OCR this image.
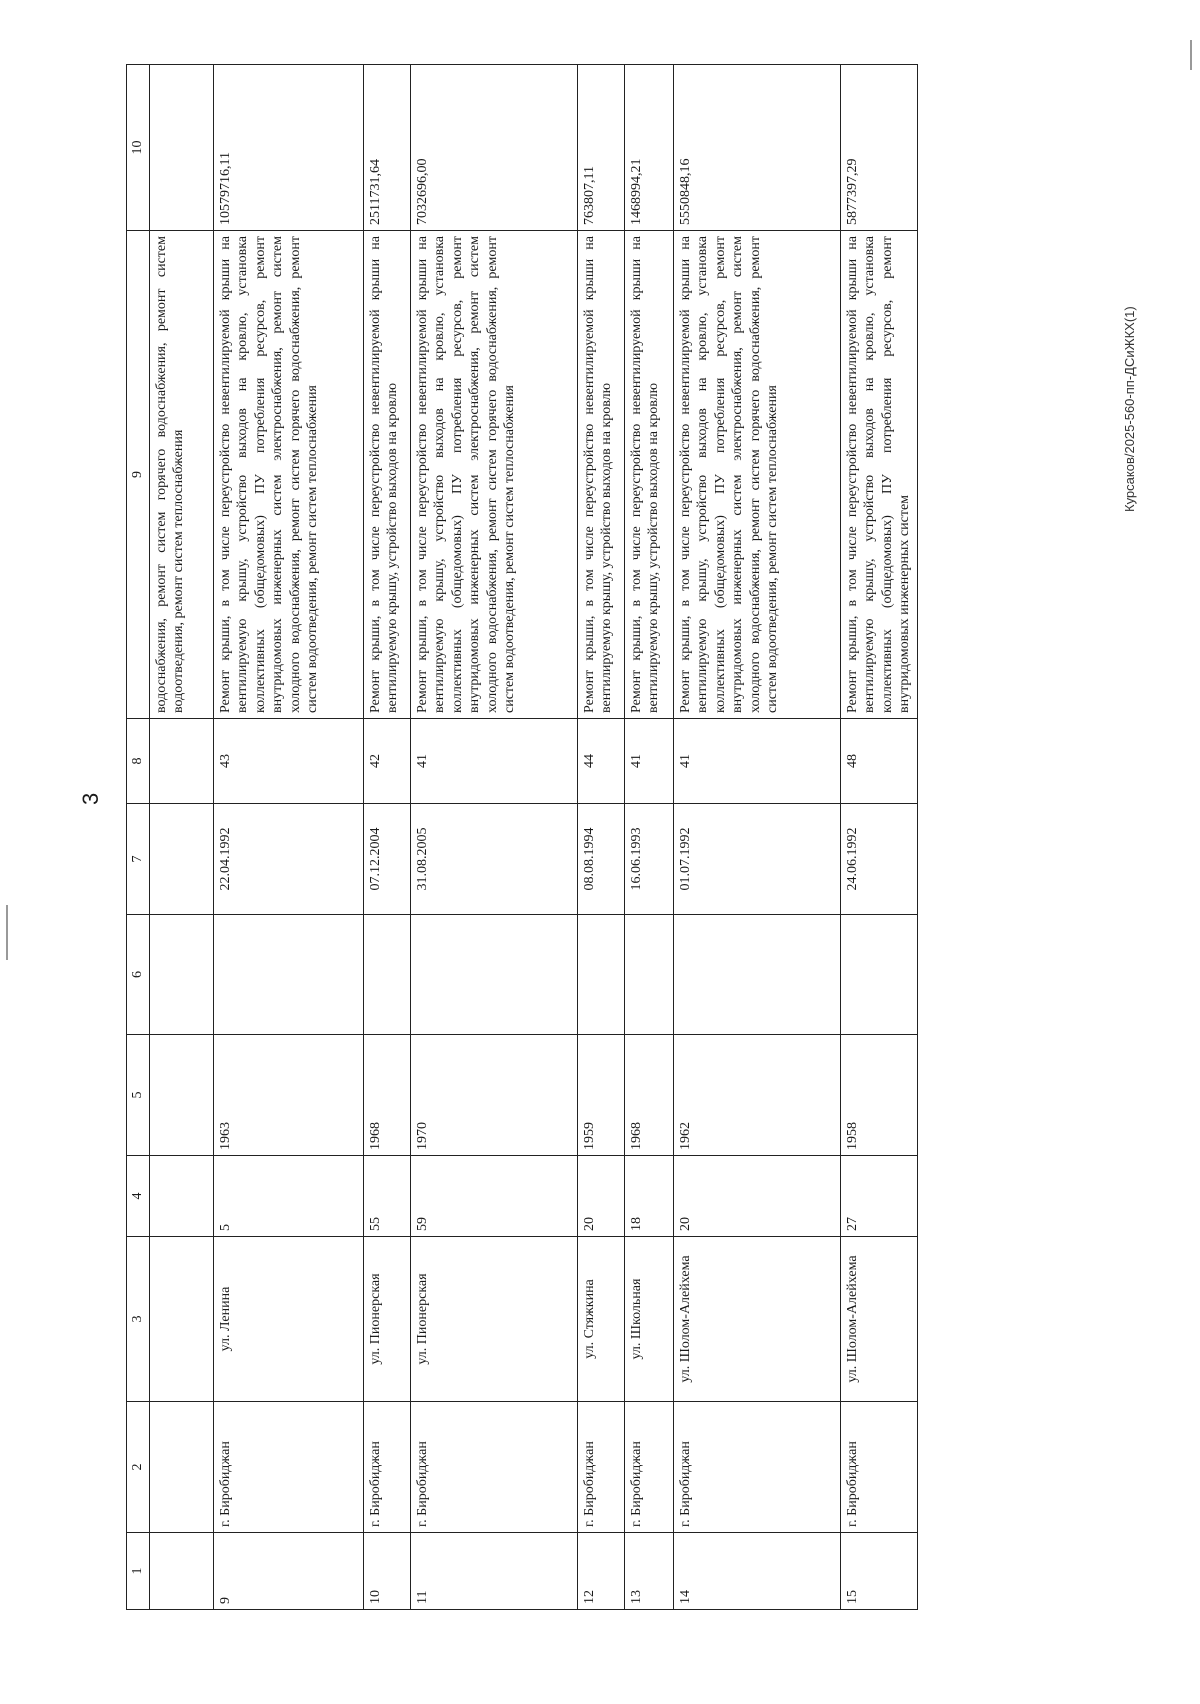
3
Курсаков/2025-560-пп-ДСиЖКХ(1)
1	2	3	4	5	6	7	8	9	10
								водоснабжения, ремонт систем горячего водоснабжения, ремонт систем водоотведения, ремонт систем теплоснабжения	
9	г. Биробиджан	ул. Ленина	5	1963		22.04.1992	43	Ремонт крыши, в том числе переустройство невентилируемой крыши на вентилируемую крышу, устройство выходов на кровлю, установка коллективных (общедомовых) ПУ потребления ресурсов, ремонт внутридомовых инженерных систем электроснабжения, ремонт систем холодного водоснабжения, ремонт систем горячего водоснабжения, ремонт систем водоотведения, ремонт систем теплоснабжения	10579716,11
10	г. Биробиджан	ул. Пионерская	55	1968		07.12.2004	42	Ремонт крыши, в том числе переустройство невентилируемой крыши на вентилируемую крышу, устройство выходов на кровлю	2511731,64
11	г. Биробиджан	ул. Пионерская	59	1970		31.08.2005	41	Ремонт крыши, в том числе переустройство невентилируемой крыши на вентилируемую крышу, устройство выходов на кровлю, установка коллективных (общедомовых) ПУ потребления ресурсов, ремонт внутридомовых инженерных систем электроснабжения, ремонт систем холодного водоснабжения, ремонт систем горячего водоснабжения, ремонт систем водоотведения, ремонт систем теплоснабжения	7032696,00
12	г. Биробиджан	ул. Стяжкина	20	1959		08.08.1994	44	Ремонт крыши, в том числе переустройство невентилируемой крыши на вентилируемую крышу, устройство выходов на кровлю	763807,11
13	г. Биробиджан	ул. Школьная	18	1968		16.06.1993	41	Ремонт крыши, в том числе переустройство невентилируемой крыши на вентилируемую крышу, устройство выходов на кровлю	1468994,21
14	г. Биробиджан	ул. Шолом-Алейхема	20	1962		01.07.1992	41	Ремонт крыши, в том числе переустройство невентилируемой крыши на вентилируемую крышу, устройство выходов на кровлю, установка коллективных (общедомовых) ПУ потребления ресурсов, ремонт внутридомовых инженерных систем электроснабжения, ремонт систем холодного водоснабжения, ремонт систем горячего водоснабжения, ремонт систем водоотведения, ремонт систем теплоснабжения	5550848,16
15	г. Биробиджан	ул. Шолом-Алейхема	27	1958		24.06.1992	48	Ремонт крыши, в том числе переустройство невентилируемой крыши на вентилируемую крышу, устройство выходов на кровлю, установка коллективных (общедомовых) ПУ потребления ресурсов, ремонт внутридомовых инженерных систем	5877397,29
